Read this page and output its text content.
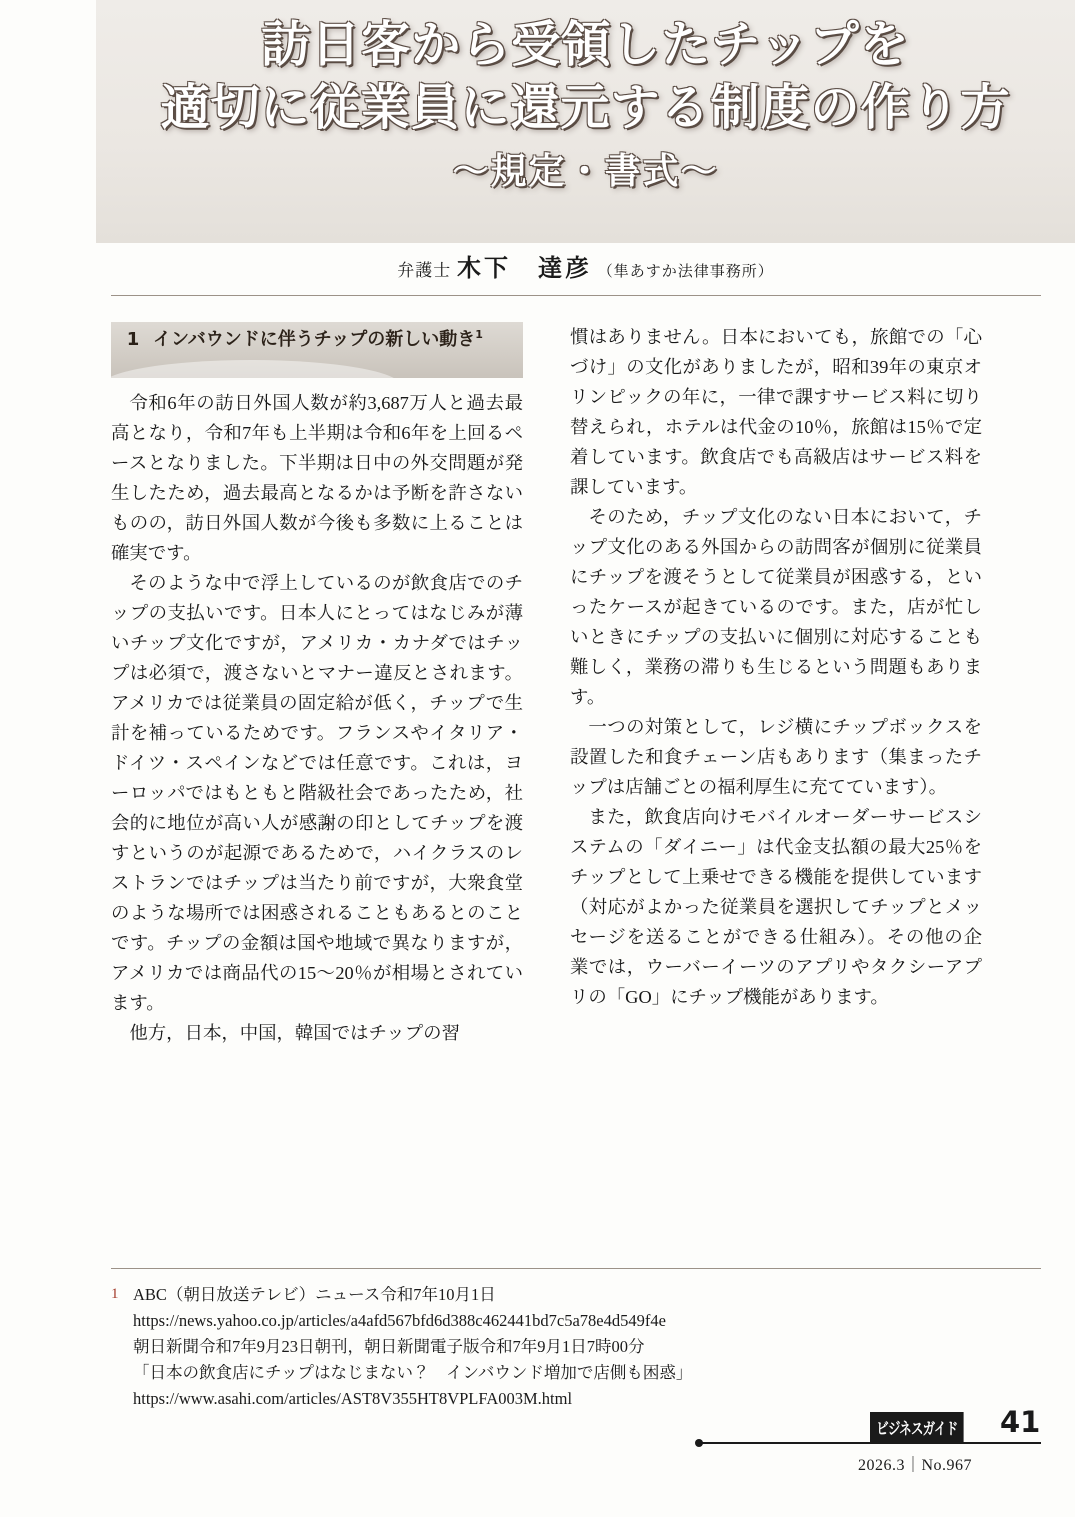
訪日客から受領したチップを
適切に従業員に還元する制度の作り方
〜規定・書式〜
弁護士 木下　達彦 （隼あすか法律事務所）
1 インバウンドに伴うチップの新しい動き$^1$

令和6年の訪日外国人数が約3,687万人と過去最高となり，令和7年も上半期は令和6年を上回るペースとなりました。下半期は日中の外交問題が発生したため，過去最高となるかは予断を許さないものの，訪日外国人数が今後も多数に上ることは確実です。

そのような中で浮上しているのが飲食店でのチップの支払いです。日本人にとってはなじみが薄いチップ文化ですが，アメリカ・カナダではチップは必須で，渡さないとマナー違反とされます。アメリカでは従業員の固定給が低く，チップで生計を補っているためです。フランスやイタリア・ドイツ・スペインなどでは任意です。これは，ヨーロッパではもともと階級社会であったため，社会的に地位が高い人が感謝の印としてチップを渡すというのが起源であるためで，ハイクラスのレストランではチップは当たり前ですが，大衆食堂のような場所では困惑されることもあるとのことです。チップの金額は国や地域で異なりますが，アメリカでは商品代の15〜20％が相場とされています。

他方，日本，中国，韓国ではチップの習

慣はありません。日本においても，旅館での「心づけ」の文化がありましたが，昭和39年の東京オリンピックの年に，一律で課すサービス料に切り替えられ，ホテルは代金の10％，旅館は15％で定着しています。飲食店でも高級店はサービス料を課しています。

そのため，チップ文化のない日本において，チップ文化のある外国からの訪問客が個別に従業員にチップを渡そうとして従業員が困惑する，といったケースが起きているのです。また，店が忙しいときにチップの支払いに個別に対応することも難しく，業務の滞りも生じるという問題もあります。

一つの対策として，レジ横にチップボックスを設置した和食チェーン店もあります（集まったチップは店舗ごとの福利厚生に充てています）。

また，飲食店向けモバイルオーダーサービスシステムの「ダイニー」は代金支払額の最大25％をチップとして上乗せできる機能を提供しています（対応がよかった従業員を選択してチップとメッセージを送ることができる仕組み）。その他の企業では，ウーバーイーツのアプリやタクシーアプリの「GO」にチップ機能があります。

1 ABC（朝日放送テレビ）ニュース令和7年10月1日
https://news.yahoo.co.jp/articles/a4afd567bfd6d388c462441bd7c5a78e4d549f4e
朝日新聞令和7年9月23日朝刊，朝日新聞電子版令和7年9月1日7時00分
「日本の飲食店にチップはなじまない？　インバウンド増加で店側も困惑」
https://www.asahi.com/articles/AST8V355HT8VPLFA003M.html
ビジネスガイド 41
2026.3｜No.967
